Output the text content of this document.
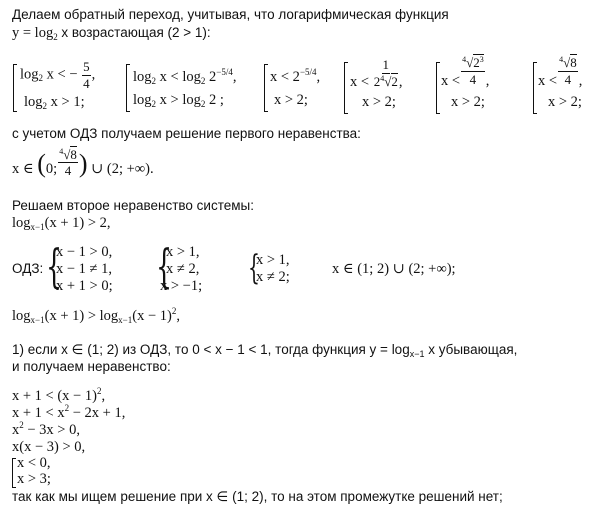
Делаем обратный переход, учитывая, что логарифмическая функция
$y = \log_2 x$ возрастающая (2 > 1):
$\log_2 x$ < − $\frac{5}{4}$ ,
$\log_2 x > 1$;
$\log_2 x < \log_2 2^{-5/4}$,
$\log_2 x > \log_2 2$ ;
$x < 2^{-5/4}$,
x > 2;
$x < \frac{1}{2^4√2}$ ,
x > 2;
$x < \frac{^4√2^3}{4}$ ,
x > 2;
$x < \frac{^4√8}{4}$ ,
x > 2;
с учетом ОДЗ получаем решение первого неравенства:
x ∈ (0; $\frac{^4√8}{4}$ ) ∪ (2; +∞).
Решаем второе неравенство системы:
$\log_{x-1}(x + 1) > 2$,
ОДЗ: {
x − 1 > 0,
x − 1 ≠ 1,
x + 1 > 0; {
x > 1,
x ≠ 2,
x > −1; {
x > 1,
x ≠ 2;	x ∈ (1; 2) ∪ (2; +∞);
$\log_{x-1}(x + 1) > \log_{x-1}(x - 1)^2$,
1) если x ∈ (1; 2) из ОДЗ, то 0 < x − 1 < 1, тогда функция $y = \log_{x-1} x$ убывающая,
и получаем неравенство:
$x + 1 < (x - 1)^2$,
$x + 1 < x^2 - 2x + 1$,
$x^2 - 3x > 0$,
x(x − 3) > 0,
x < 0,
x > 3;
так как мы ищем решение при x ∈ (1; 2), то на этом промежутке решений нет;
